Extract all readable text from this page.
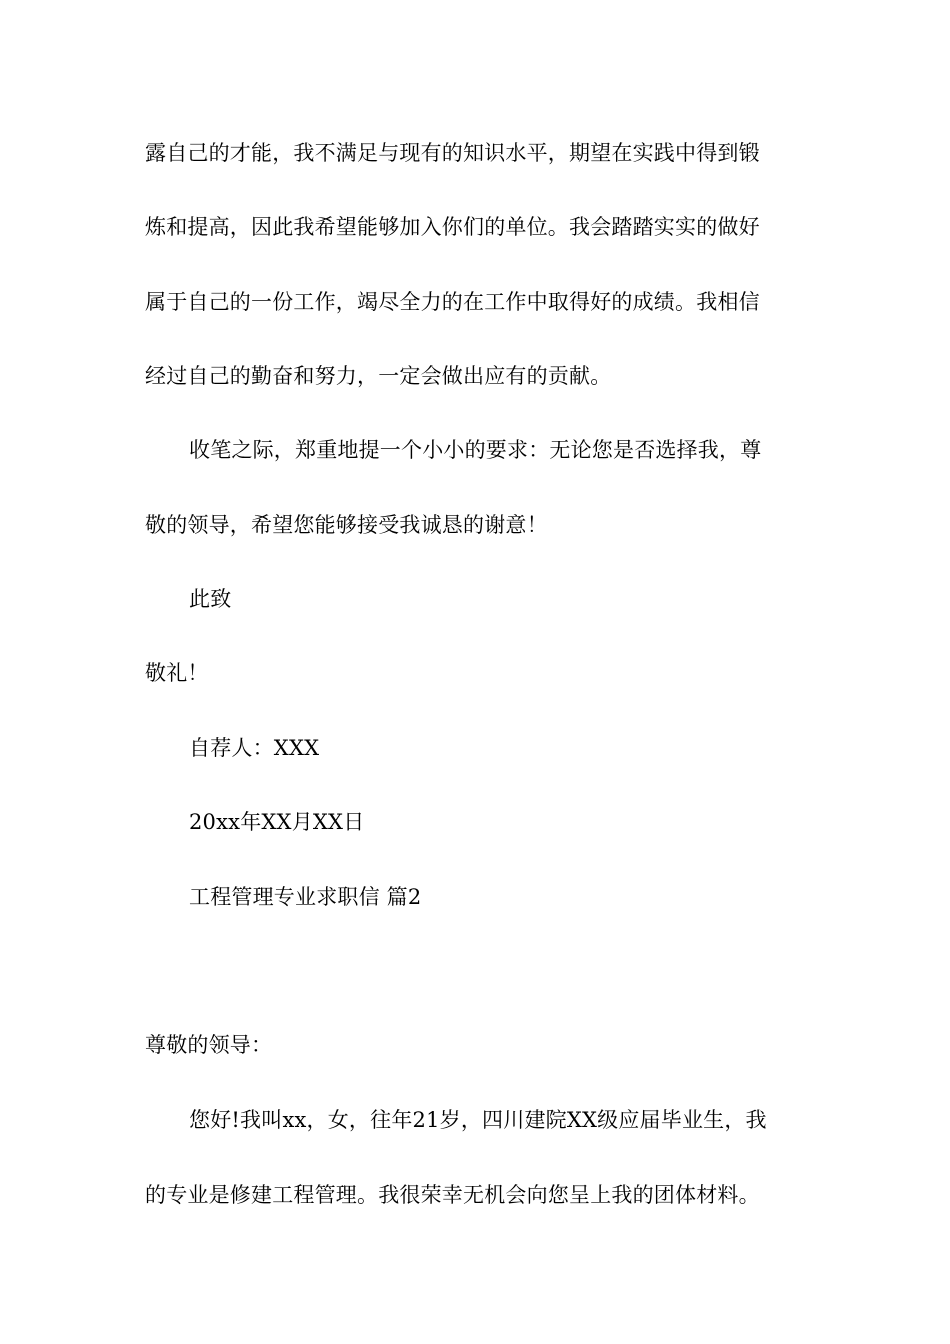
露自己的才能，我不满足与现有的知识水平，期望在实践中得到锻
炼和提高，因此我希望能够加入你们的单位。我会踏踏实实的做好
属于自己的一份工作，竭尽全力的在工作中取得好的成绩。我相信
经过自己的勤奋和努力，一定会做出应有的贡献。
收笔之际，郑重地提一个小小的要求：无论您是否选择我，尊
敬的领导，希望您能够接受我诚恳的谢意！
此致
敬礼！
自荐人：XXX
20xx年XX月XX日
工程管理专业求职信 篇2
尊敬的领导：
您好!我叫xx，女，往年21岁，四川建院XX级应届毕业生，我
的专业是修建工程管理。我很荣幸无机会向您呈上我的团体材料。
